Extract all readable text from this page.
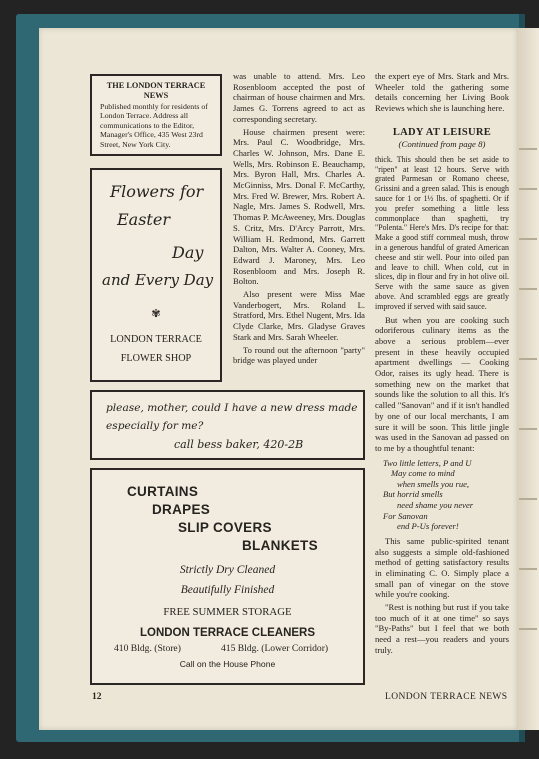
THE LONDON TERRACE NEWS

Published monthly for residents of London Terrace. Address all communications to the Editor, Manager's Office, 435 West 23rd Street, New York City.

Flowers for
Easter
Day
and Every Day
✾
LONDON TERRACE
FLOWER SHOP

was unable to attend. Mrs. Leo Rosenbloom accepted the post of chairman of house chairmen and Mrs. James G. Torrens agreed to act as corresponding secretary.

House chairmen present were: Mrs. Paul C. Woodbridge, Mrs. Charles W. Johnson, Mrs. Dane E. Wells, Mrs. Robinson E. Beauchamp, Mrs. Byron Hall, Mrs. Charles A. McGinniss, Mrs. Donal F. McCarthy, Mrs. Fred W. Brewer, Mrs. Robert A. Nagle, Mrs. James S. Rodwell, Mrs. Thomas P. McAweeney, Mrs. Douglas S. Critz, Mrs. D'Arcy Parrott, Mrs. William H. Redmond, Mrs. Garrett Dalton, Mrs. Walter A. Cooney, Mrs. Edward J. Maroney, Mrs. Leo Rosenbloom and Mrs. Joseph R. Bolton.

Also present were Miss Mae Vanderbogert, Mrs. Roland L. Stratford, Mrs. Ethel Nugent, Mrs. Ida Clyde Clarke, Mrs. Gladyse Graves Stark and Mrs. Sarah Wheeler.

To round out the afternoon "party" bridge was played under

please, mother, could I have a new dress made
especially for me?
call bess baker, 420-2B
CURTAINS
DRAPES
SLIP COVERS
BLANKETS
Strictly Dry Cleaned
Beautifully Finished
FREE SUMMER STORAGE
LONDON TERRACE CLEANERS
410 Bldg. (Store)	415 Bldg. (Lower Corridor)
Call on the House Phone

the expert eye of Mrs. Stark and Mrs. Wheeler told the gathering some details concerning her Living Book Reviews which she is launching here.

LADY AT LEISURE
(Continued from page 8)

thick. This should then be set aside to "ripen" at least 12 hours. Serve with grated Parmesan or Romano cheese, Grissini and a green salad. This is enough sauce for 1 or 1½ lbs. of spaghetti. Or if you prefer something a little less commonplace than spaghetti, try "Polenta." Here's Mrs. D's recipe for that: Make a good stiff cornmeal mush, throw in a generous handful of grated American cheese and stir well. Pour into oiled pan and leave to chill. When cold, cut in slices, dip in flour and fry in hot olive oil. Serve with the same sauce as given above. And scrambled eggs are greatly improved if served with said sauce.

But when you are cooking such odoriferous culinary items as the above a serious problem—ever present in these heavily occupied apartment dwellings — Cooking Odor, raises its ugly head. There is something new on the market that sounds like the solution to all this. It's called "Sanovan" and if it isn't handled by one of our local merchants, I am sure it will be soon. This little jingle was used in the Sanovan ad passed on to me by a thoughtful tenant:

Two little letters, P and U

May come to mind

when smells you rue,

But horrid smells

need shame you never

For Sanovan

end P-Us forever!

This same public-spirited tenant also suggests a simple old-fashioned method of getting satisfactory results in eliminating C. O. Simply place a small pan of vinegar on the stove while you're cooking.

"Rest is nothing but rust if you take too much of it at one time" so says "By-Paths" but I feel that we both need a rest—you readers and yours truly.

12	LONDON TERRACE NEWS
